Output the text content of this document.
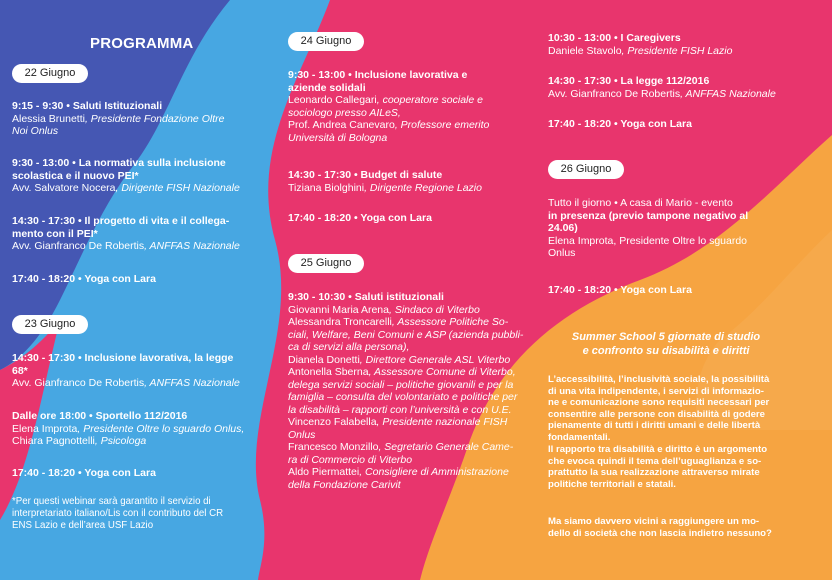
PROGRAMMA
22 Giugno
9:15 - 9:30 • Saluti Istituzionali
Alessia Brunetti, Presidente Fondazione Oltre
Noi Onlus
9:30 - 13:00 • La normativa sulla inclusione
scolastica e il nuovo PEI*
Avv. Salvatore Nocera, Dirigente FISH Nazionale
14:30 - 17:30 • Il progetto di vita e il collega-
mento con il PEI*
Avv. Gianfranco De Robertis, ANFFAS Nazionale
17:40 - 18:20 • Yoga con Lara
23 Giugno
14:30 - 17:30 • Inclusione lavorativa, la legge
68*
Avv. Gianfranco De Robertis, ANFFAS Nazionale
Dalle ore 18:00 • Sportello 112/2016
Elena Improta, Presidente Oltre lo sguardo Onlus,
Chiara Pagnottelli, Psicologa
17:40 - 18:20 • Yoga con Lara
*Per questi webinar sarà garantito il servizio di
interpretariato italiano/Lis con il contributo del CR
ENS Lazio e dell’area USF Lazio
24 Giugno
9:30 - 13:00 • Inclusione lavorativa e
aziende solidali
Leonardo Callegari, cooperatore sociale e
sociologo presso AILeS,
Prof. Andrea Canevaro, Professore emerito
Università di Bologna
14:30 - 17:30 • Budget di salute
Tiziana Biolghini, Dirigente Regione Lazio
17:40 - 18:20 • Yoga con Lara
25 Giugno
9:30 - 10:30 • Saluti istituzionali
Giovanni Maria Arena, Sindaco di Viterbo
Alessandra Troncarelli, Assessore Politiche So-
ciali, Welfare, Beni Comuni e ASP (azienda pubbli-
ca di servizi alla persona),
Dianela Donetti, Direttore Generale ASL Viterbo
Antonella Sberna, Assessore Comune di Viterbo,
delega servizi sociali – politiche giovanili e per la
famiglia – consulta del volontariato e politiche per
la disabilità – rapporti con l’università e con U.E.
Vincenzo Falabella, Presidente nazionale FISH
Onlus
Francesco Monzillo, Segretario Generale Came-
ra di Commercio di Viterbo
Aldo Piermattei, Consigliere di Amministrazione
della Fondazione Carivit
10:30 - 13:00 • I Caregivers
Daniele Stavolo, Presidente FISH Lazio
14:30 - 17:30 • La legge 112/2016
Avv. Gianfranco De Robertis, ANFFAS Nazionale
17:40 - 18:20 • Yoga con Lara
26 Giugno
Tutto il giorno • A casa di Mario - evento
in presenza (previo tampone negativo al
24.06)
Elena Improta, Presidente Oltre lo sguardo
Onlus
17:40 - 18:20 • Yoga con Lara
Summer School 5 giornate di studio
e confronto su disabilità e diritti
L’accessibilità, l’inclusività sociale, la possibilità
di una vita indipendente, i servizi di informazio-
ne e comunicazione sono requisiti necessari per
consentire alle persone con disabilità di godere
pienamente di tutti i diritti umani e delle libertà
fondamentali.
Il rapporto tra disabilità e diritto è un argomento
che evoca quindi il tema dell’uguaglianza e so-
prattutto la sua realizzazione attraverso mirate
politiche territoriali e statali.
Ma siamo davvero vicini a raggiungere un mo-
dello di società che non lascia indietro nessuno?
